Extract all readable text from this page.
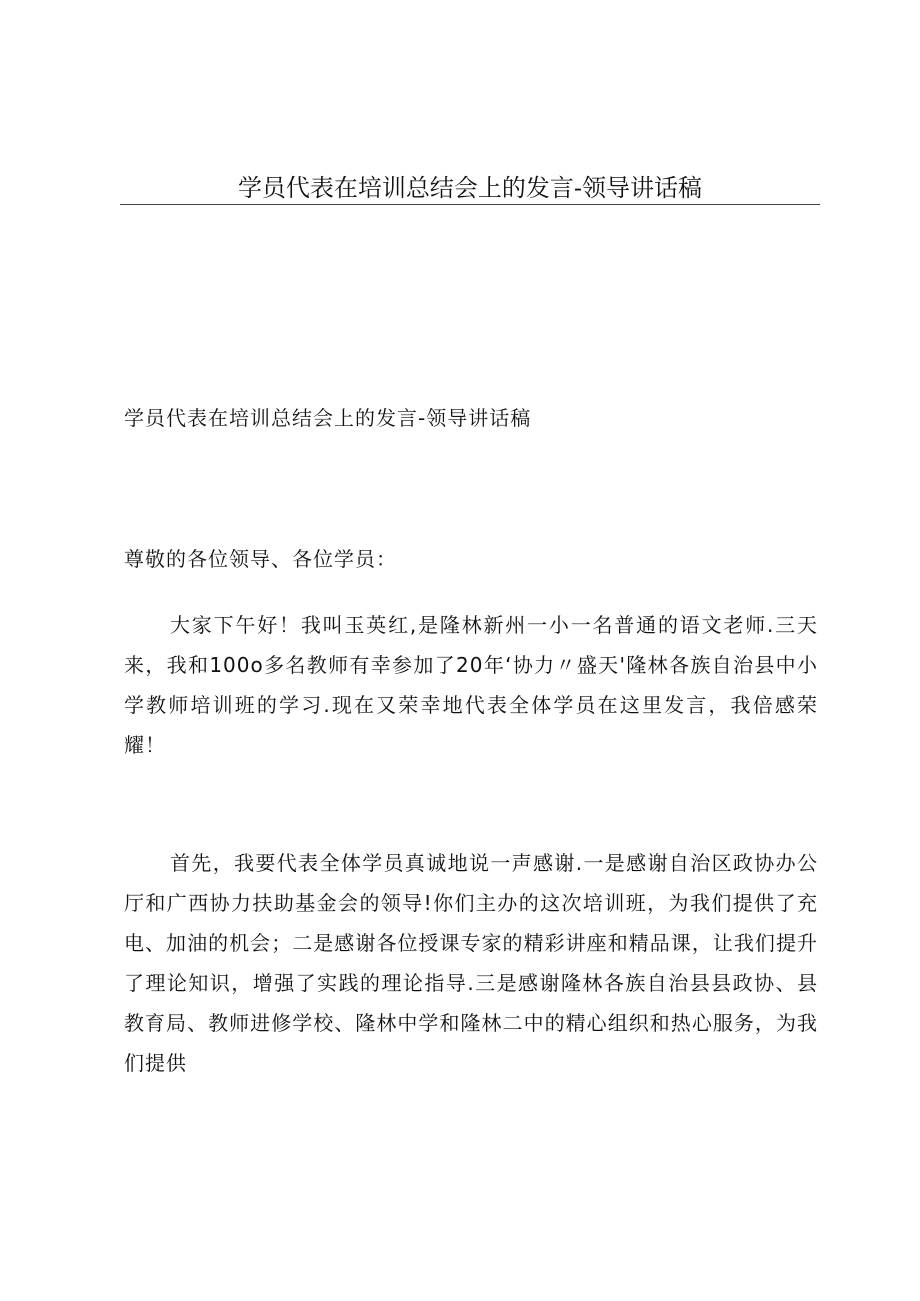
学员代表在培训总结会上的发言-领导讲话稿
学员代表在培训总结会上的发言-领导讲话稿
尊敬的各位领导、各位学员：

大家下午好！我叫玉英红,是隆林新州一小一名普通的语文老师.三天来，我和100o多名教师有幸参加了20年‘协力〃盛天'隆林各族自治县中小学教师培训班的学习.现在又荣幸地代表全体学员在这里发言，我倍感荣耀！

首先，我要代表全体学员真诚地说一声感谢.一是感谢自治区政协办公厅和广西协力扶助基金会的领导!你们主办的这次培训班，为我们提供了充电、加油的机会；二是感谢各位授课专家的精彩讲座和精品课，让我们提升了理论知识，增强了实践的理论指导.三是感谢隆林各族自治县县政协、县教育局、教师进修学校、隆林中学和隆林二中的精心组织和热心服务，为我们提供
